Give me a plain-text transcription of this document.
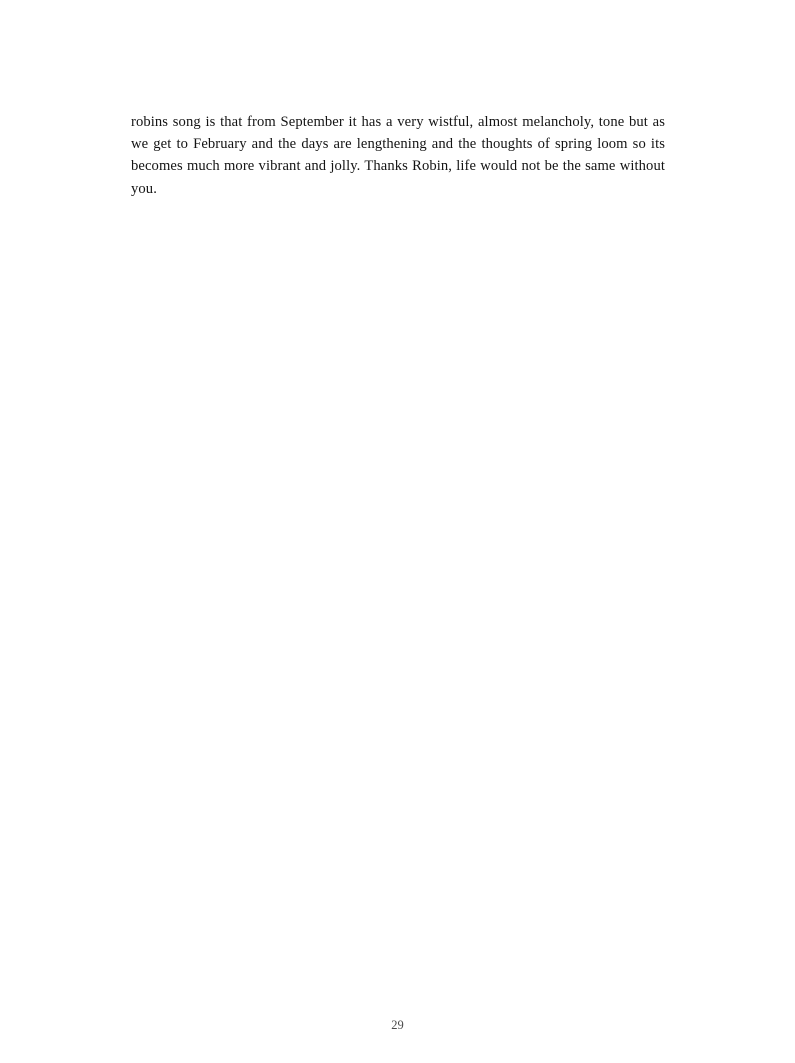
robins song is that from September it has a very wistful, almost melancholy, tone but as we get to February and the days are lengthening and the thoughts of spring loom so its becomes much more vibrant and jolly. Thanks Robin, life would not be the same without you.

29
